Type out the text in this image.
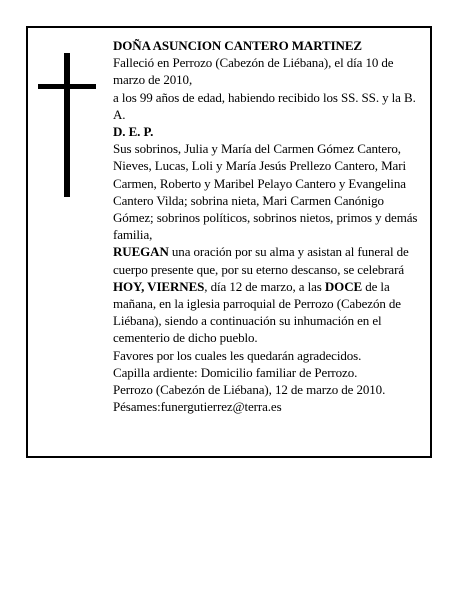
DOÑA ASUNCION CANTERO MARTINEZ

Falleció en Perrozo (Cabezón de Liébana), el día 10 de marzo de 2010,

a los 99 años de edad, habiendo recibido los SS. SS. y la B. A.

D. E. P.

Sus sobrinos, Julia y María del Carmen Gómez Cantero, Nieves, Lucas, Loli y María Jesús Prellezo Cantero, Mari Carmen, Roberto y Maribel Pelayo Cantero y Evangelina Cantero Vilda; sobrina nieta, Mari Carmen Canónigo Gómez; sobrinos políticos, sobrinos nietos, primos y demás familia,

RUEGAN una oración por su alma y asistan al funeral de cuerpo presente que, por su eterno descanso, se celebrará HOY, VIERNES, día 12 de marzo, a las DOCE de la mañana, en la iglesia parroquial de Perrozo (Cabezón de Liébana), siendo a continuación su inhumación en el cementerio de dicho pueblo.

Favores por los cuales les quedarán agradecidos.

Capilla ardiente: Domicilio familiar de Perrozo.

Perrozo (Cabezón de Liébana), 12 de marzo de 2010.

Pésames:funergutierrez@terra.es
